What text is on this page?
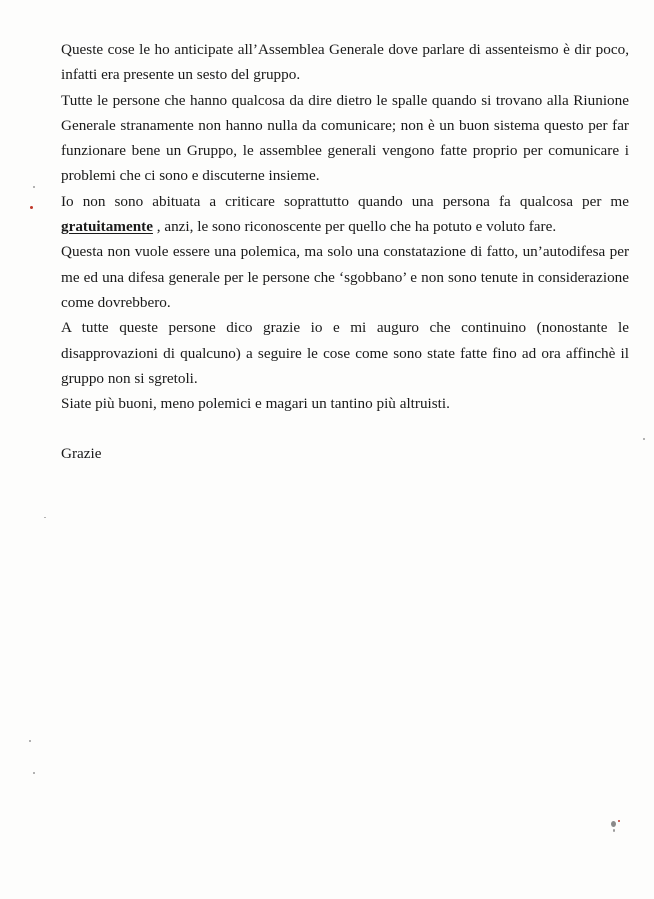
Queste cose le ho anticipate all’Assemblea Generale dove parlare di assenteismo è dir poco,
infatti era presente un sesto del gruppo.
Tutte le persone che hanno qualcosa da dire dietro le spalle quando si trovano alla Riunione
Generale stranamente non hanno nulla da comunicare; non è un buon sistema questo per far
funzionare bene un Gruppo, le assemblee generali vengono fatte proprio per comunicare i
problemi che ci sono e discuterne insieme.
Io non sono abituata a criticare soprattutto quando una persona fa qualcosa per me
gratuitamente , anzi, le sono riconoscente per quello che ha potuto e voluto fare.
Questa non vuole essere una polemica, ma solo una constatazione di fatto, un’autodifesa per
me ed una difesa generale per le persone che ‘sgobbano’ e non sono tenute in considerazione
come dovrebbero.
A tutte queste persone dico grazie io e mi auguro che continuino (nonostante le
disapprovazioni di qualcuno) a seguire le cose come sono state fatte fino ad ora affinchè il
gruppo non si sgretoli.
Siate più buoni, meno polemici e magari un tantino più altruisti.
Grazie
